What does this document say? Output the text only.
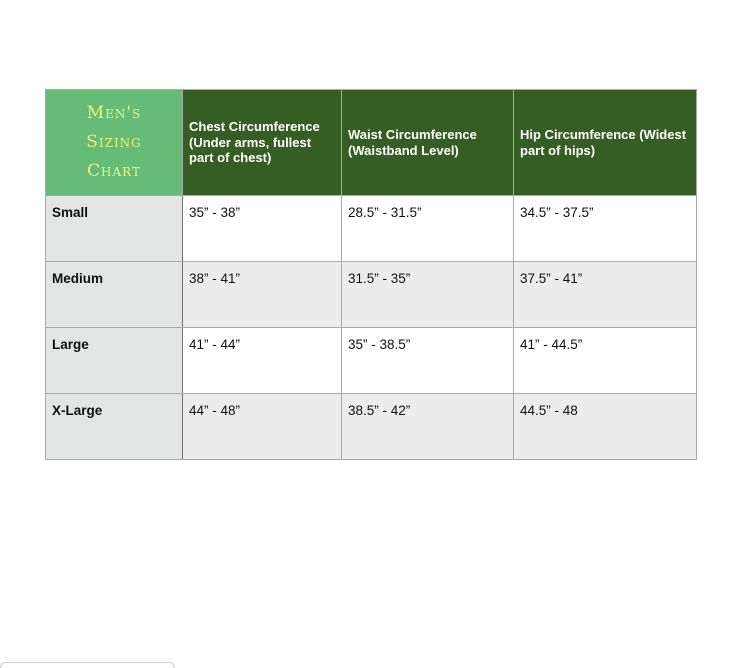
Men's
Sizing
Chart	Chest Circumference (Under arms, fullest part of chest)	Waist Circumference (Waistband Level)	Hip Circumference (Widest part of hips)
Small	35” - 38”	28.5” - 31.5”	34.5” - 37.5”
Medium	38” - 41”	31.5” - 35”	37.5” - 41”
Large	41” - 44”	35” - 38.5”	41” - 44.5”
X-Large	44” - 48”	38.5” - 42”	44.5” - 48
